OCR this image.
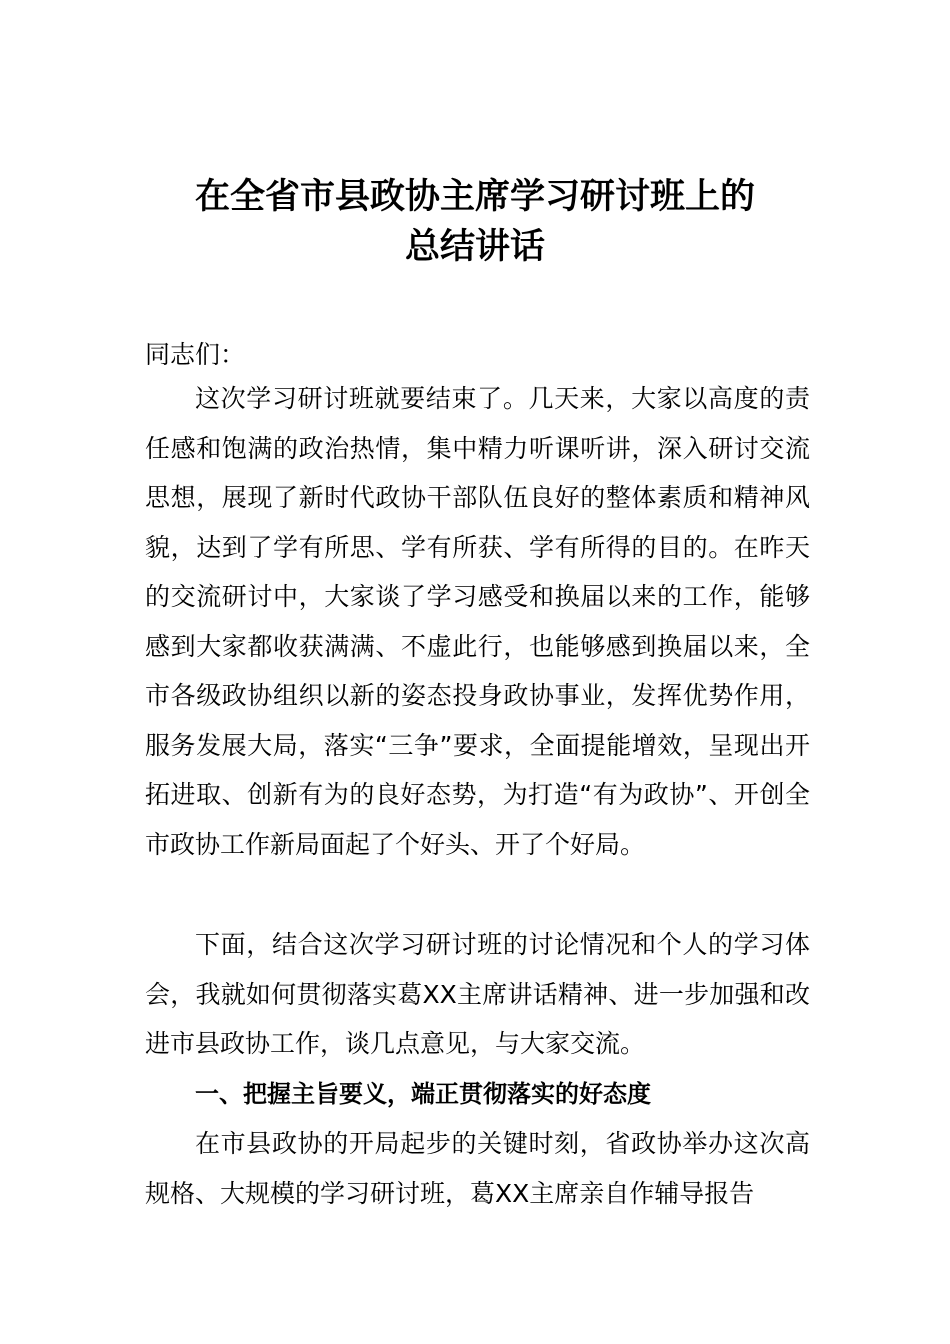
在全省市县政协主席学习研讨班上的
总结讲话

同志们：

这次学习研讨班就要结束了。几天来，大家以高度的责任感和饱满的政治热情，集中精力听课听讲，深入研讨交流思想，展现了新时代政协干部队伍良好的整体素质和精神风貌，达到了学有所思、学有所获、学有所得的目的。在昨天的交流研讨中，大家谈了学习感受和换届以来的工作，能够感到大家都收获满满、不虚此行，也能够感到换届以来，全市各级政协组织以新的姿态投身政协事业，发挥优势作用，服务发展大局，落实“三争”要求，全面提能增效，呈现出开拓进取、创新有为的良好态势，为打造“有为政协”、开创全市政协工作新局面起了个好头、开了个好局。

下面，结合这次学习研讨班的讨论情况和个人的学习体会，我就如何贯彻落实葛XX主席讲话精神、进一步加强和改进市县政协工作，谈几点意见，与大家交流。

一、把握主旨要义，端正贯彻落实的好态度

在市县政协的开局起步的关键时刻，省政协举办这次高规格、大规模的学习研讨班，葛XX主席亲自作辅导报告
